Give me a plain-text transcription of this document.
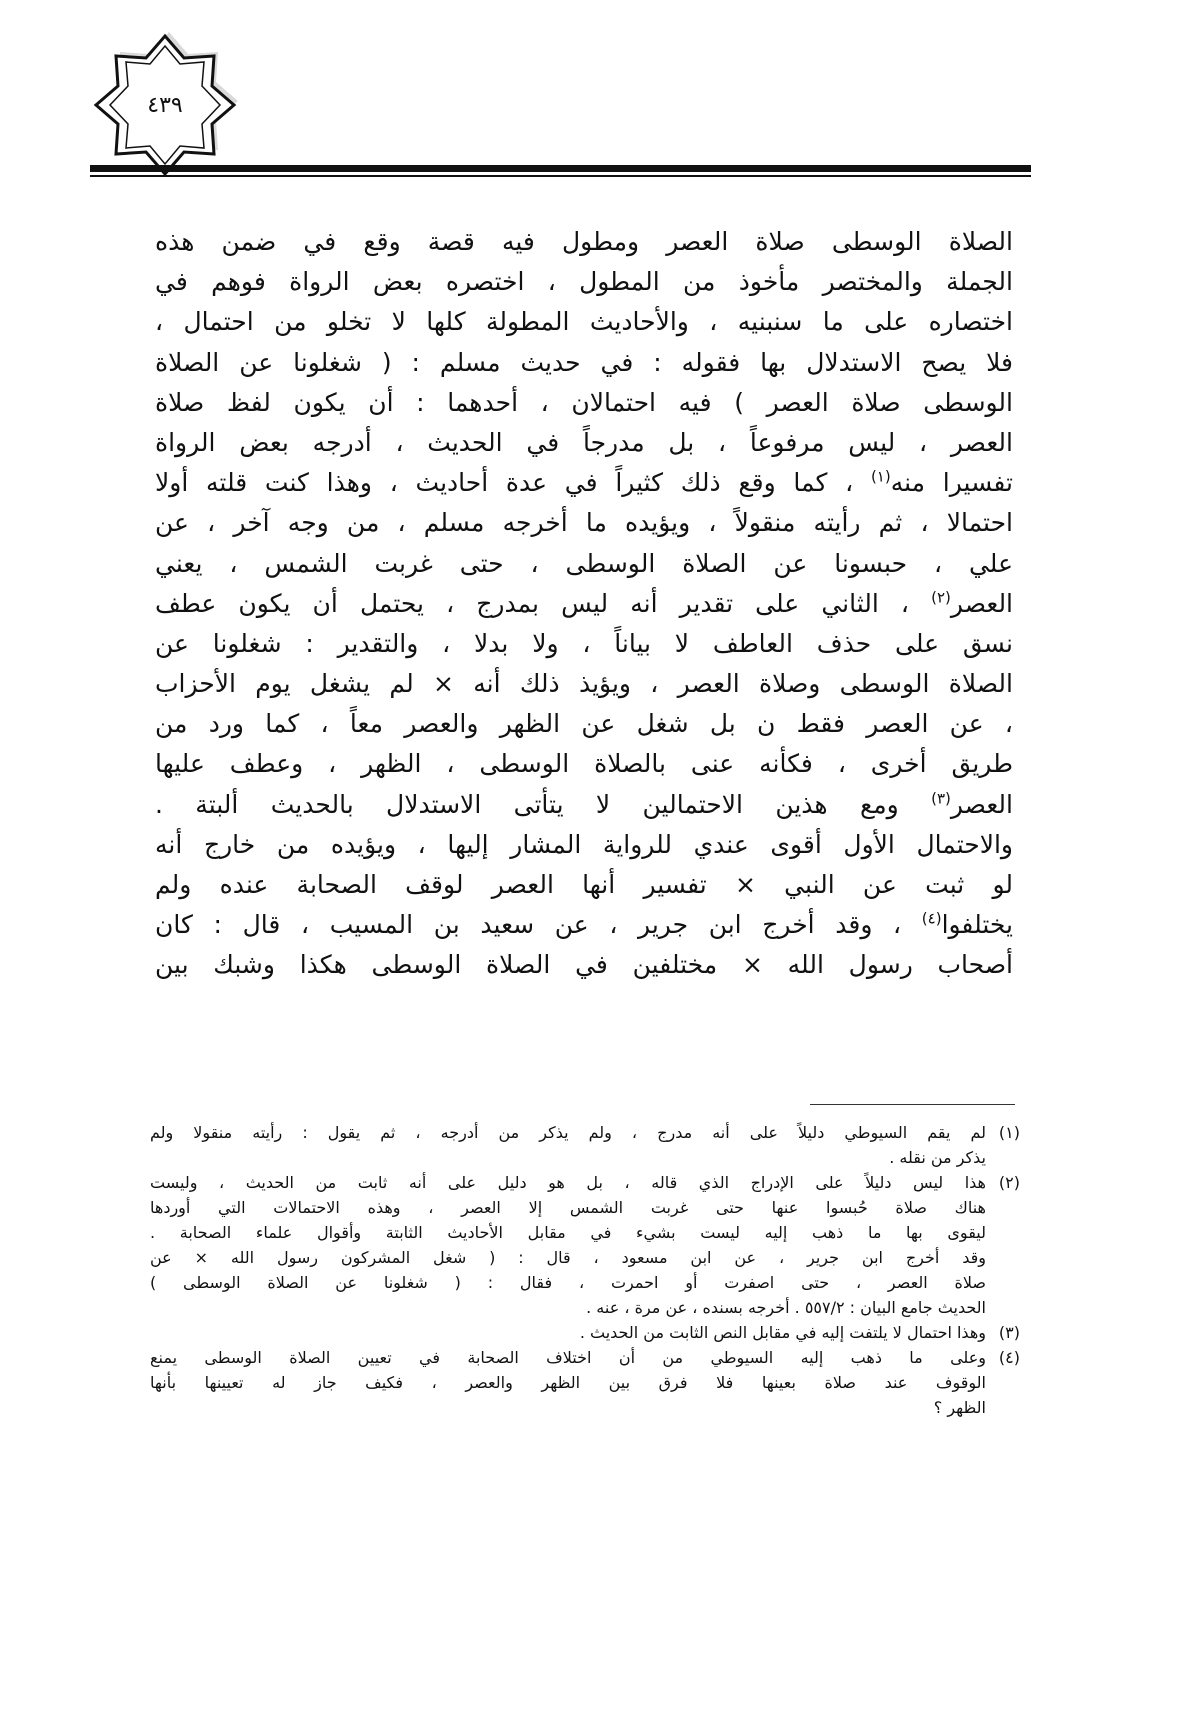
٤٣٩
الصلاة الوسطى صلاة العصر ومطول فيه قصة وقع في ضمن هذه
الجملة والمختصر مأخوذ من المطول ، اختصره بعض الرواة فوهم في
اختصاره على ما سنبنيه ، والأحاديث المطولة كلها لا تخلو من احتمال ،
فلا يصح الاستدلال بها فقوله : في حديث مسلم : ( شغلونا عن الصلاة
الوسطى صلاة العصر ) فيه احتمالان ، أحدهما : أن يكون لفظ صلاة
العصر ، ليس مرفوعاً ، بل مدرجاً في الحديث ، أدرجه بعض الرواة
تفسيرا منه$^{(١)}$ ، كما وقع ذلك كثيراً في عدة أحاديث ، وهذا كنت قلته أولا
احتمالا ، ثم رأيته منقولاً ، ويؤيده ما أخرجه مسلم ، من وجه آخر ، عن
علي ، حبسونا عن الصلاة الوسطى ، حتى غربت الشمس ، يعني
العصر$^{(٢)}$ ، الثاني على تقدير أنه ليس بمدرج ، يحتمل أن يكون عطف
نسق على حذف العاطف لا بياناً ، ولا بدلا ، والتقدير : شغلونا عن
الصلاة الوسطى وصلاة العصر ، ويؤيذ ذلك أنه × لم يشغل يوم الأحزاب
، عن العصر فقط ن بل شغل عن الظهر والعصر معاً ، كما ورد من
طريق أخرى ، فكأنه عنى بالصلاة الوسطى ، الظهر ، وعطف عليها
العصر$^{(٣)}$ ومع هذين الاحتمالين لا يتأتى الاستدلال بالحديث ألبتة .
والاحتمال الأول أقوى عندي للرواية المشار إليها ، ويؤيده من خارج أنه
لو ثبت عن النبي × تفسير أنها العصر لوقف الصحابة عنده ولم
يختلفوا$^{(٤)}$ ، وقد أخرج ابن جرير ، عن سعيد بن المسيب ، قال : كان
أصحاب رسول الله × مختلفين في الصلاة الوسطى هكذا وشبك بين
(١)
لم يقم السيوطي دليلاً على أنه مدرج ، ولم يذكر من أدرجه ، ثم يقول : رأيته منقولا ولم
يذكر من نقله .
(٢)
هذا ليس دليلاً على الإدراج الذي قاله ، بل هو دليل على أنه ثابت من الحديث ، وليست
هناك صلاة حُبسوا عنها حتى غربت الشمس إلا العصر ، وهذه الاحتمالات التي أوردها
ليقوى بها ما ذهب إليه ليست بشيء في مقابل الأحاديث الثابتة وأقوال علماء الصحابة .
وقد أخرج ابن جرير ، عن ابن مسعود ، قال : ( شغل المشركون رسول الله × عن
صلاة العصر ، حتى اصفرت أو احمرت ، فقال : ( شغلونا عن الصلاة الوسطى )
الحديث جامع البيان : ٥٥٧/٢ . أخرجه بسنده ، عن مرة ، عنه .
(٣)
وهذا احتمال لا يلتفت إليه في مقابل النص الثابت من الحديث .
(٤)
وعلى ما ذهب إليه السيوطي من أن اختلاف الصحابة في تعيين الصلاة الوسطى يمنع
الوقوف عند صلاة بعينها فلا فرق بين الظهر والعصر ، فكيف جاز له تعيينها بأنها
الظهر ؟
